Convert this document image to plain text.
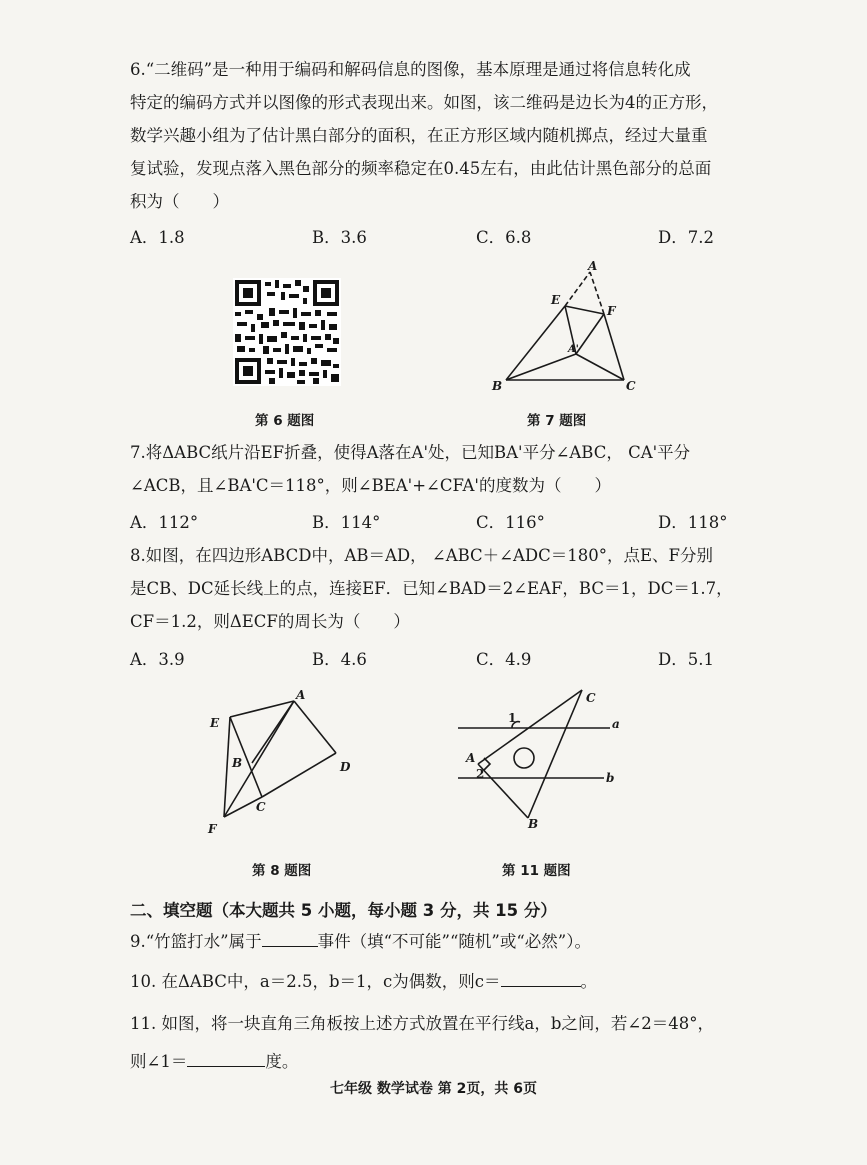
6.“二维码”是一种用于编码和解码信息的图像，基本原理是通过将信息转化成
特定的编码方式并以图像的形式表现出来。如图，该二维码是边长为4的正方形，
数学兴趣小组为了估计黑白部分的面积，在正方形区域内随机掷点，经过大量重
复试验，发现点落入黑色部分的频率稳定在0.45左右，由此估计黑色部分的总面
积为（　　）
A．1.8	B．3.6	C．6.8	D．7.2
第 6 题图
A
E
F
A'
B	C
第 7 题图
7.将ΔABC纸片沿EF折叠，使得A落在A'处，已知BA'平分∠ABC， CA'平分
∠ACB，且∠BA'C＝118°，则∠BEA'+∠CFA'的度数为（　　）
A．112°	B．114°	C．116°	D．118°
8.如图，在四边形ABCD中，AB＝AD， ∠ABC＋∠ADC＝180°，点E、F分别
是CB、DC延长线上的点，连接EF．已知∠BAD＝2∠EAF，BC＝1，DC＝1.7，
CF＝1.2，则ΔECF的周长为（　　）
A．3.9	B．4.6	C．4.9	D．5.1
A
E
B	D
C
F
第 8 题图
C
a
1
A
2	b
B
第 11 题图
二、填空题（本大题共 5 小题，每小题 3 分，共 15 分）
9.“竹篮打水”属于	事件（填“不可能”“随机”或“必然”）。
10. 在ΔABC中，a＝2.5，b＝1，c为偶数，则c＝	。
11. 如图，将一块直角三角板按上述方式放置在平行线a，b之间，若∠2＝48°，
则∠1＝	度。
七年级 数学试卷 第 2页，共 6页
